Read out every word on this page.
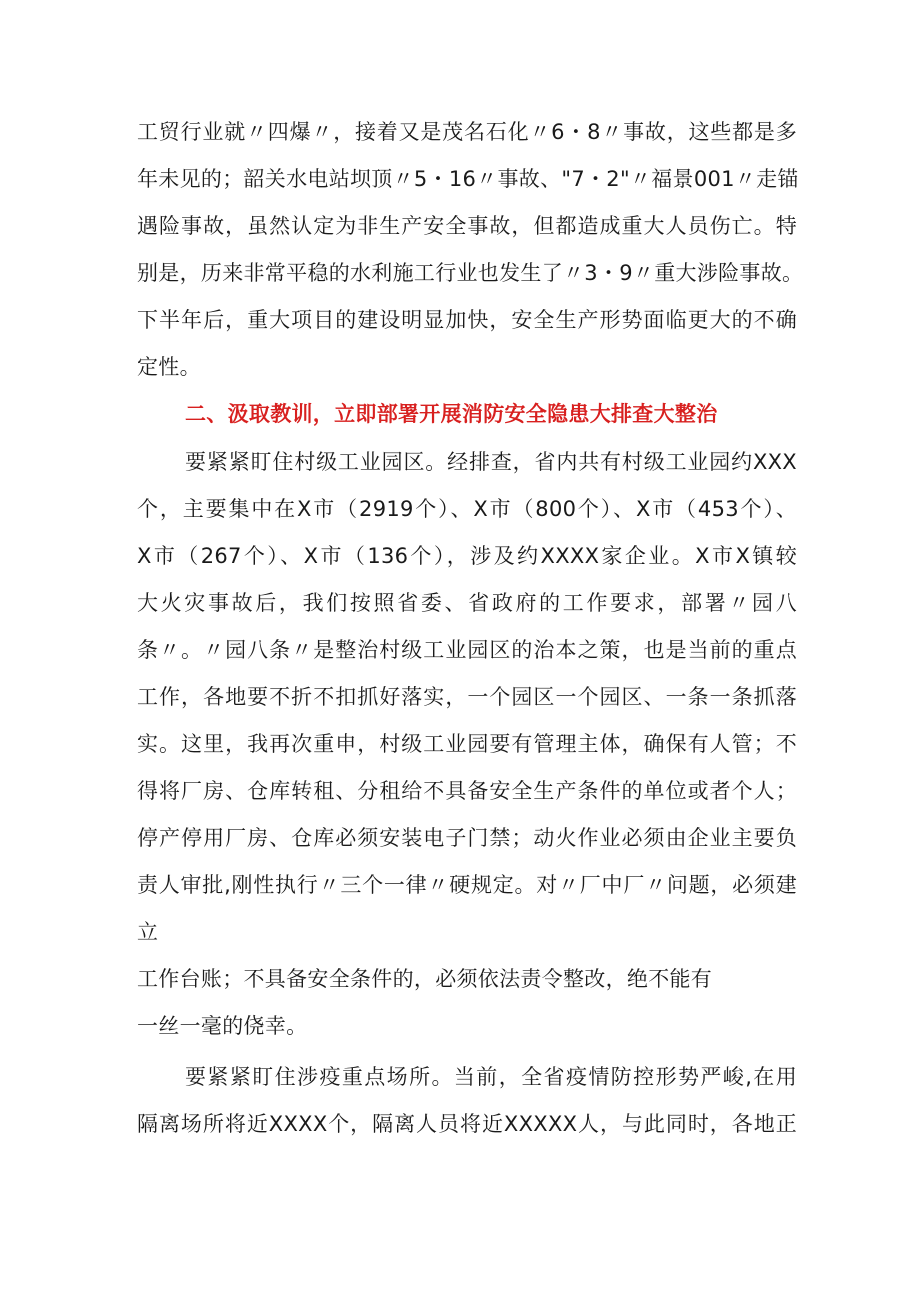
工贸行业就〃四爆〃，接着又是茂名石化〃6・8〃事故，这些都是多
年未见的；韶关水电站坝顶〃5・16〃事故、"7・2"〃福景001〃走锚
遇险事故，虽然认定为非生产安全事故，但都造成重大人员伤亡。特
别是，历来非常平稳的水利施工行业也发生了〃3・9〃重大涉险事故。
下半年后，重大项目的建设明显加快，安全生产形势面临更大的不确
定性。
二、汲取教训，立即部署开展消防安全隐患大排查大整治
要紧紧盯住村级工业园区。经排查，省内共有村级工业园约XXX
个，主要集中在X市（2919个）、X市（800个）、X市（453个）、
X市（267个）、X市（136个），涉及约XXXX家企业。X市X镇较
大火灾事故后，我们按照省委、省政府的工作要求，部署〃园八
条〃。〃园八条〃是整治村级工业园区的治本之策，也是当前的重点
工作，各地要不折不扣抓好落实，一个园区一个园区、一条一条抓落
实。这里，我再次重申，村级工业园要有管理主体，确保有人管；不
得将厂房、仓库转租、分租给不具备安全生产条件的单位或者个人；
停产停用厂房、仓库必须安装电子门禁；动火作业必须由企业主要负
责人审批,刚性执行〃三个一律〃硬规定。对〃厂中厂〃问题，必须建
立
工作台账；不具备安全条件的，必须依法责令整改，绝不能有
一丝一毫的侥幸。
要紧紧盯住涉疫重点场所。当前，全省疫情防控形势严峻,在用
隔离场所将近XXXX个，隔离人员将近XXXXX人，与此同时，各地正
